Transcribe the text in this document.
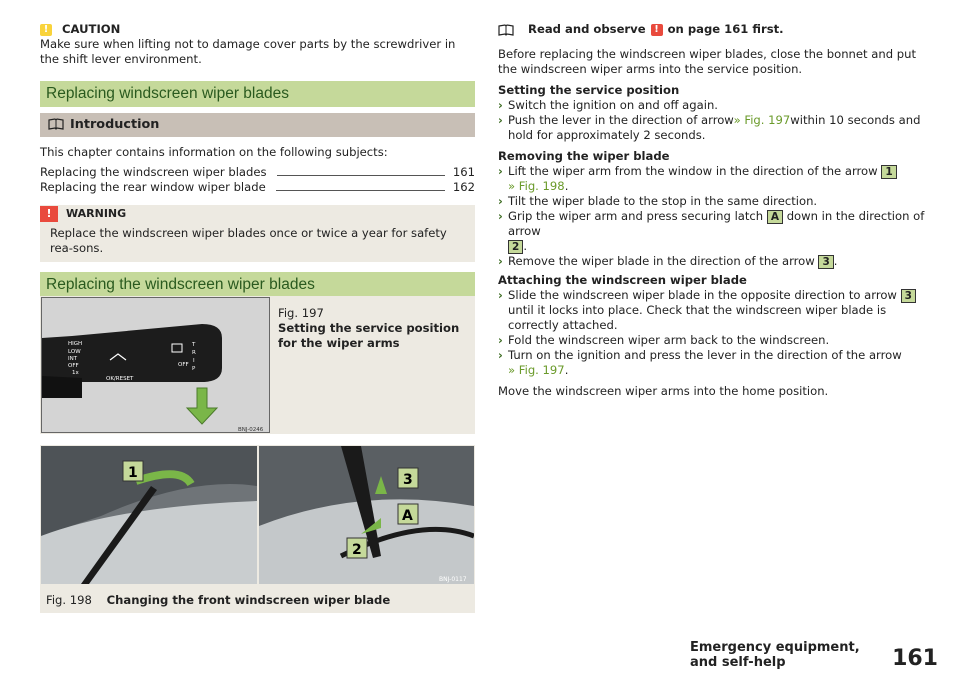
!	CAUTION
Make sure when lifting not to damage cover parts by the screwdriver in the shift lever environment.
Replacing windscreen wiper blades
Introduction
This chapter contains information on the following subjects:
Replacing the windscreen wiper blades	161
Replacing the rear window wiper blade	162
!	WARNING
Replace the windscreen wiper blades once or twice a year for safety rea-sons.
Replacing the windscreen wiper blades
HIGH
LOW
INT
OFF
1x
OK/RESET
OFF
T
R
I
P
BNJ-0246
Fig. 197
Setting the service position for the wiper arms
1	3
A
2
BNJ-0117
Fig. 198 Changing the front windscreen wiper blade

Read and observe ! on page 161 first.
Before replacing the windscreen wiper blades, close the bonnet and put the windscreen wiper arms into the service position.
Setting the service position
› Switch the ignition on and off again.
› Push the lever in the direction of arrow» Fig. 197within 10 seconds and hold for approximately 2 seconds.
Removing the wiper blade
› Lift the wiper arm from the window in the direction of the arrow 1
» Fig. 198.
› Tilt the wiper blade to the stop in the same direction.
› Grip the wiper arm and press securing latch A down in the direction of arrow
2 .
› Remove the wiper blade in the direction of the arrow 3 .
Attaching the windscreen wiper blade
› Slide the windscreen wiper blade in the opposite direction to arrow 3 until it locks into place. Check that the windscreen wiper blade is correctly attached.
› Fold the windscreen wiper arm back to the windscreen.
› Turn on the ignition and press the lever in the direction of the arrow
» Fig. 197.
Move the windscreen wiper arms into the home position.
Emergency equipment, and self-help	161
